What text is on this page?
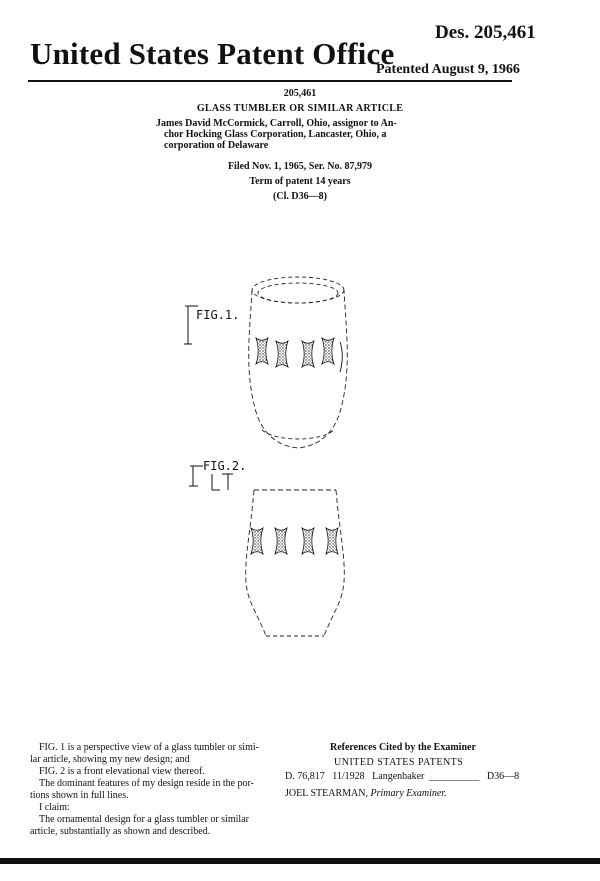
United States Patent Office
Des. 205,461
Patented August 9, 1966
205,461
GLASS TUMBLER OR SIMILAR ARTICLE
James David McCormick, Carroll, Ohio, assignor to An-
chor Hocking Glass Corporation, Lancaster, Ohio, a
corporation of Delaware
Filed Nov. 1, 1965, Ser. No. 87,979
Term of patent 14 years
(Cl. D36—8)
FIG.1.
FIG.2.

FIG. 1 is a perspective view of a glass tumbler or simi-

lar article, showing my new design; and

FIG. 2 is a front elevational view thereof.

The dominant features of my design reside in the por-

tions shown in full lines.

I claim:

The ornamental design for a glass tumbler or similar

article, substantially as shown and described.

References Cited by the Examiner
UNITED STATES PATENTS
D. 76,817 11/1928 Langenbaker __________ D36—8
JOEL STEARMAN, Primary Examiner.
